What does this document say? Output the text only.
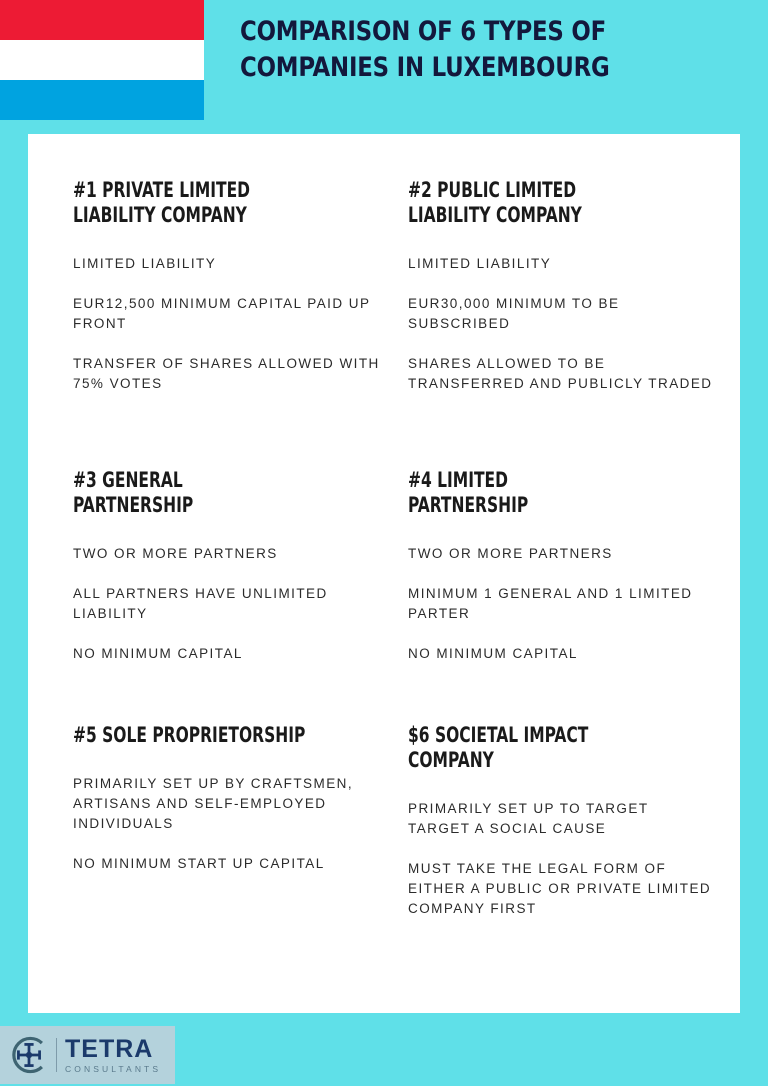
COMPARISON OF 6 TYPES OF
COMPANIES IN LUXEMBOURG
#1 PRIVATE LIMITED
LIABILITY COMPANY
LIMITED LIABILITY
EUR12,500 MINIMUM CAPITAL PAID UP FRONT
TRANSFER OF SHARES ALLOWED WITH 75% VOTES
#2 PUBLIC LIMITED
LIABILITY COMPANY
LIMITED LIABILITY
EUR30,000 MINIMUM TO BE SUBSCRIBED
SHARES ALLOWED TO BE TRANSFERRED AND PUBLICLY TRADED
#3 GENERAL
PARTNERSHIP
TWO OR MORE PARTNERS
ALL PARTNERS HAVE UNLIMITED LIABILITY
NO MINIMUM CAPITAL
#4 LIMITED
PARTNERSHIP
TWO OR MORE PARTNERS
MINIMUM 1 GENERAL AND 1 LIMITED PARTER
NO MINIMUM CAPITAL
#5 SOLE PROPRIETORSHIP
PRIMARILY SET UP BY CRAFTSMEN, ARTISANS AND SELF-EMPLOYED INDIVIDUALS
NO MINIMUM START UP CAPITAL
$6 SOCIETAL IMPACT
COMPANY
PRIMARILY SET UP TO TARGET TARGET A SOCIAL CAUSE
MUST TAKE THE LEGAL FORM OF EITHER A PUBLIC OR PRIVATE LIMITED COMPANY FIRST
TETRA
CONSULTANTS
